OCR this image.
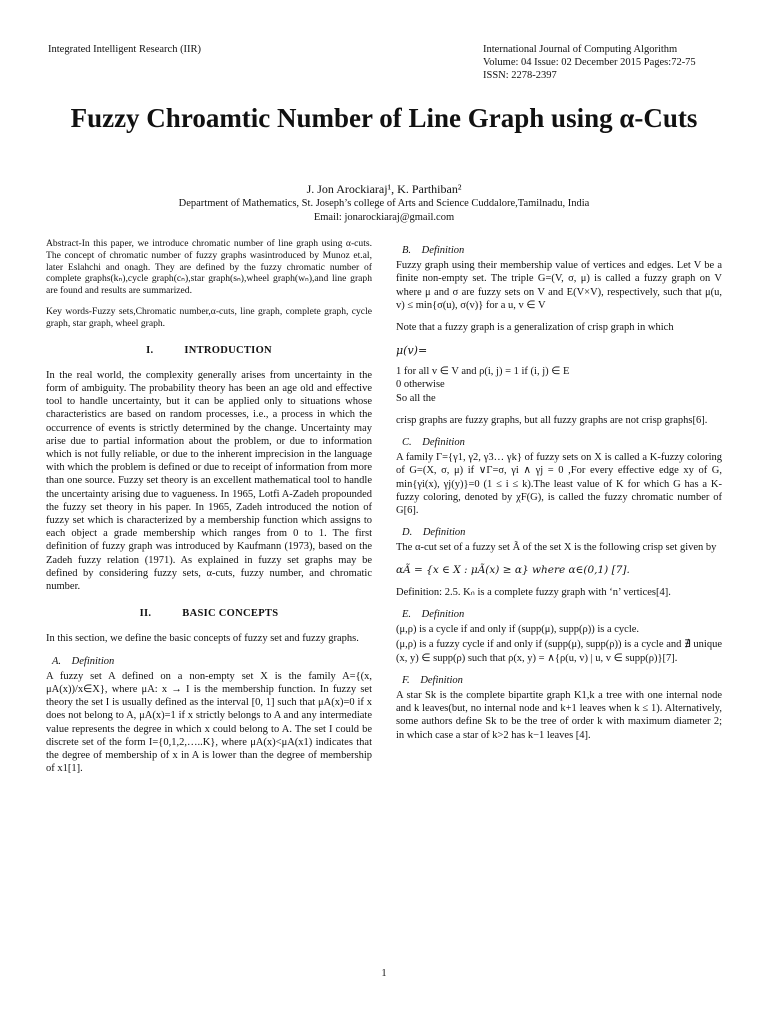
Integrated Intelligent Research (IIR)	International Journal of Computing Algorithm
Volume: 04 Issue: 02 December 2015 Pages:72-75
ISSN: 2278-2397
Fuzzy Chroamtic Number of Line Graph using α-Cuts
J. Jon Arockiaraj¹, K. Parthiban²
Department of Mathematics, St. Joseph’s college of Arts and Science Cuddalore,Tamilnadu, India
Email: jonarockiaraj@gmail.com

Abstract-In this paper, we introduce chromatic number of line graph using α-cuts. The concept of chromatic number of fuzzy graphs wasintroduced by Munoz et.al, later Eslahchi and onagh. They are defined by the fuzzy chromatic number of complete graphs(kₙ),cycle graph(cₙ),star graph(sₙ),wheel graph(wₙ),and line graph are found and results are summarized.

Key words-Fuzzy sets,Chromatic number,α-cuts, line graph, complete graph, cycle graph, star graph, wheel graph.

I.	INTRODUCTION

In the real world, the complexity generally arises from uncertainty in the form of ambiguity. The probability theory has been an age old and effective tool to handle uncertainty, but it can be applied only to situations whose characteristics are based on random processes, i.e., a process in which the occurrence of events is strictly determined by the change. Uncertainty may arise due to partial information about the problem, or due to information which is not fully reliable, or due to the inherent imprecision in the language with which the problem is defined or due to receipt of information from more than one source. Fuzzy set theory is an excellent mathematical tool to handle the uncertainty arising due to vagueness. In 1965, Lotfi A-Zadeh propounded the fuzzy set theory in his paper. In 1965, Zadeh introduced the notion of fuzzy set which is characterized by a membership function which assigns to each object a grade membership which ranges from 0 to 1. The first definition of fuzzy graph was introduced by Kaufmann (1973), based on the Zadeh fuzzy relation (1971). As explained in fuzzy set graphs may be defined by considering fuzzy sets, α-cuts, fuzzy number, and chromatic number.

II.	BASIC CONCEPTS

In this section, we define the basic concepts of fuzzy set and fuzzy graphs.

A. Definition

A fuzzy set A defined on a non-empty set X is the family A={(x, μA(x))/x∈X}, where μA: x → I is the membership function. In fuzzy set theory the set I is usually defined as the interval [0, 1] such that μA(x)=0 if x does not belong to A, μA(x)=1 if x strictly belongs to A and any intermediate value represents the degree in which x could belong to A. The set I could be discrete set of the form I={0,1,2,…..K}, where μA(x)<μA(x1) indicates that the degree of membership of x in A is lower than the degree of membership of x1[1].

B. Definition

Fuzzy graph using their membership value of vertices and edges. Let V be a finite non-empty set. The triple G=(V, σ, μ) is called a fuzzy graph on V where μ and σ are fuzzy sets on V and E(V×V), respectively, such that μ(u, v) ≤ min{σ(u), σ(v)} for a u, v ∈ V

Note that a fuzzy graph is a generalization of crisp graph in which

μ(v)=

1 for all v ∈ V and ρ(i, j) = 1 if (i, j) ∈ E
0 otherwise
So all the

crisp graphs are fuzzy graphs, but all fuzzy graphs are not crisp graphs[6].

C. Definition

A family Γ={γ1, γ2, γ3… γk} of fuzzy sets on X is called a K-fuzzy coloring of G=(X, σ, μ) if ∨Γ=σ, γi ∧ γj = 0 ,For every effective edge xy of G, min{γi(x), γj(y)}=0 (1 ≤ i ≤ k).The least value of K for which G has a K-fuzzy coloring, denoted by χF(G), is called the fuzzy chromatic number of G[6].

D. Definition

The α-cut set of a fuzzy set Ã of the set X is the following crisp set given by

αÃ = {x ∈ X : μÃ(x) ≥ α} where α∈(0,1) [7].

Definition: 2.5. Kₙ is a complete fuzzy graph with ‘n’ vertices[4].

E. Definition

(μ,ρ) is a cycle if and only if (supp(μ), supp(ρ)) is a cycle.

(μ,ρ) is a fuzzy cycle if and only if (supp(μ), supp(ρ)) is a cycle and ∄ unique (x, y) ∈ supp(ρ) such that ρ(x, y) = ∧{ρ(u, v) | u, v ∈ supp(ρ)}[7].

F. Definition

A star Sk is the complete bipartite graph K1,k a tree with one internal node and k leaves(but, no internal node and k+1 leaves when k ≤ 1). Alternatively, some authors define Sk to be the tree of order k with maximum diameter 2; in which case a star of k>2 has k−1 leaves [4].

1
